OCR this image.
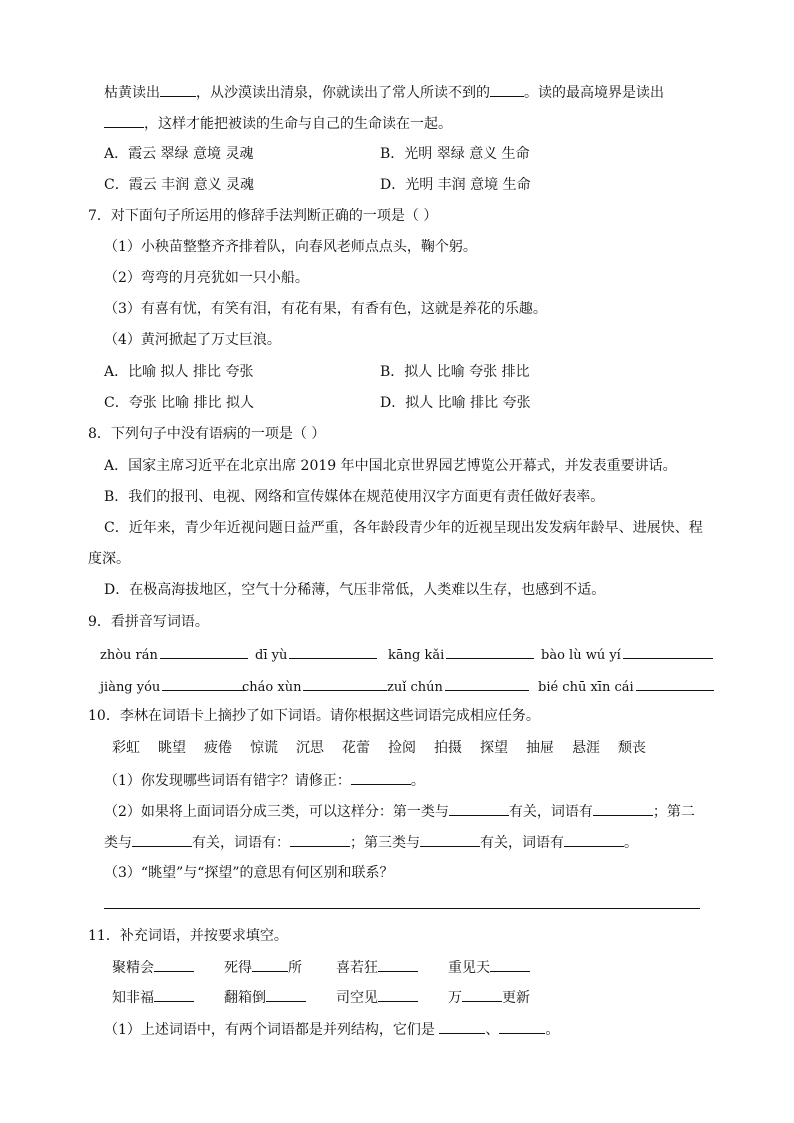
枯黄读出	，从沙漠读出清泉，你就读出了常人所读不到的 。读的最高境界是读出
，这样才能把被读的生命与自己的生命读在一起。
A．霞云 翠绿 意境 灵魂	B．光明 翠绿 意义 生命
C．霞云 丰润 意义 灵魂	D．光明 丰润 意境 生命
7．对下面句子所运用的修辞手法判断正确的一项是（ ）
（1）小秧苗整整齐齐排着队，向春风老师点点头，鞠个躬。
（2）弯弯的月亮犹如一只小船。
（3）有喜有忧，有笑有泪，有花有果，有香有色，这就是养花的乐趣。
（4）黄河掀起了万丈巨浪。
A．比喻 拟人 排比 夸张	B．拟人 比喻 夸张 排比
C．夸张 比喻 排比 拟人	D．拟人 比喻 排比 夸张
8．下列句子中没有语病的一项是（ ）
A．国家主席习近平在北京出席 2019 年中国北京世界园艺博览公开幕式，并发表重要讲话。
B．我们的报刊、电视、网络和宣传媒体在规范使用汉字方面更有责任做好表率。
C．近年来，青少年近视问题日益严重，各年龄段青少年的近视呈现出发发病年龄早、进展快、程
度深。
D．在极高海拔地区，空气十分稀薄，气压非常低，人类难以生存，也感到不适。
9．看拼音写词语。
zhòu rán	dī yù	kāng kǎi	bào lù wú yí
jiàng yóu	cháo xùn	zuǐ chún	bié chū xīn cái
10．李林在词语卡上摘抄了如下词语。请你根据这些词语完成相应任务。
彩虹 眺望 疲倦 惊谎 沉思 花蕾 捡阅 拍摄 探望 抽屉 悬涯 颓丧
（1）你发现哪些词语有错字？请修正：	。
（2）如果将上面词语分成三类，可以这样分：第一类与	有关，词语有	；第二
类与	有关，词语有：	；第三类与	有关，词语有	。
（3）“眺望”与“探望”的意思有何区别和联系？
11．补充词语，并按要求填空。
聚精会	死得	所 喜若狂	重见天
知非福	翻箱倒	司空见	万	更新
（1）上述词语中，有两个词语都是并列结构，它们是	、	。
